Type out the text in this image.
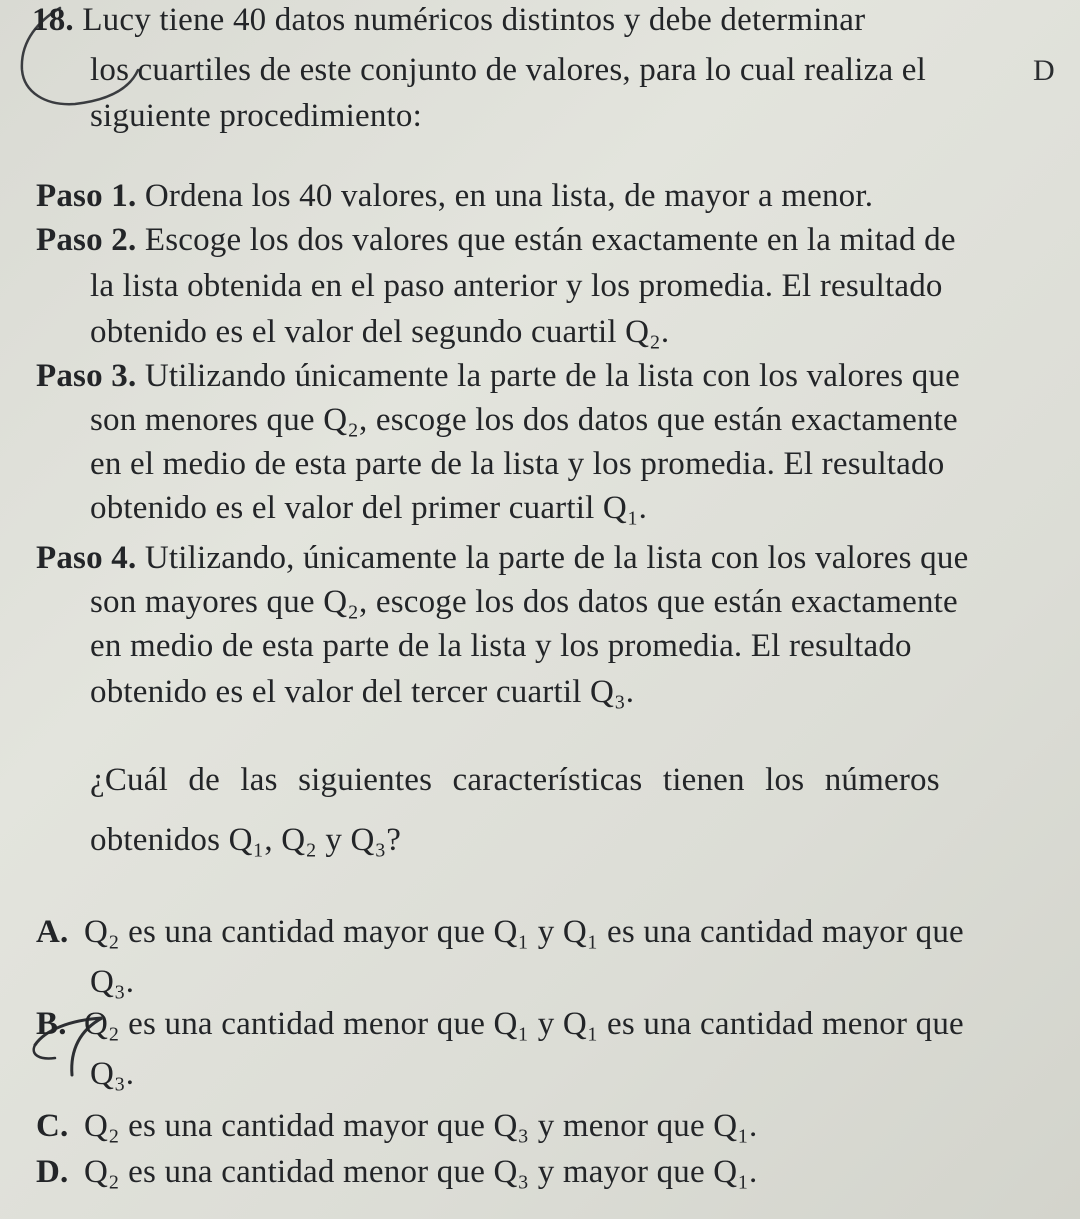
18. Lucy tiene 40 datos numéricos distintos y debe determinar
los cuartiles de este conjunto de valores, para lo cual realiza el	D
siguiente procedimiento:
Paso 1. Ordena los 40 valores, en una lista, de mayor a menor.
Paso 2. Escoge los dos valores que están exactamente en la mitad de
la lista obtenida en el paso anterior y los promedia. El resultado
obtenido es el valor del segundo cuartil Q₂.
Paso 3. Utilizando únicamente la parte de la lista con los valores que
son menores que Q₂, escoge los dos datos que están exactamente
en el medio de esta parte de la lista y los promedia. El resultado
obtenido es el valor del primer cuartil Q₁.
Paso 4. Utilizando, únicamente la parte de la lista con los valores que
son mayores que Q₂, escoge los dos datos que están exactamente
en medio de esta parte de la lista y los promedia. El resultado
obtenido es el valor del tercer cuartil Q₃.
¿Cuál de las siguientes características tienen los números
obtenidos Q₁, Q₂ y Q₃?
A. Q₂ es una cantidad mayor que Q₁ y Q₁ es una cantidad mayor que
Q₃.
B. Q₂ es una cantidad menor que Q₁ y Q₁ es una cantidad menor que
Q₃.
C. Q₂ es una cantidad mayor que Q₃ y menor que Q₁.
D. Q₂ es una cantidad menor que Q₃ y mayor que Q₁.
